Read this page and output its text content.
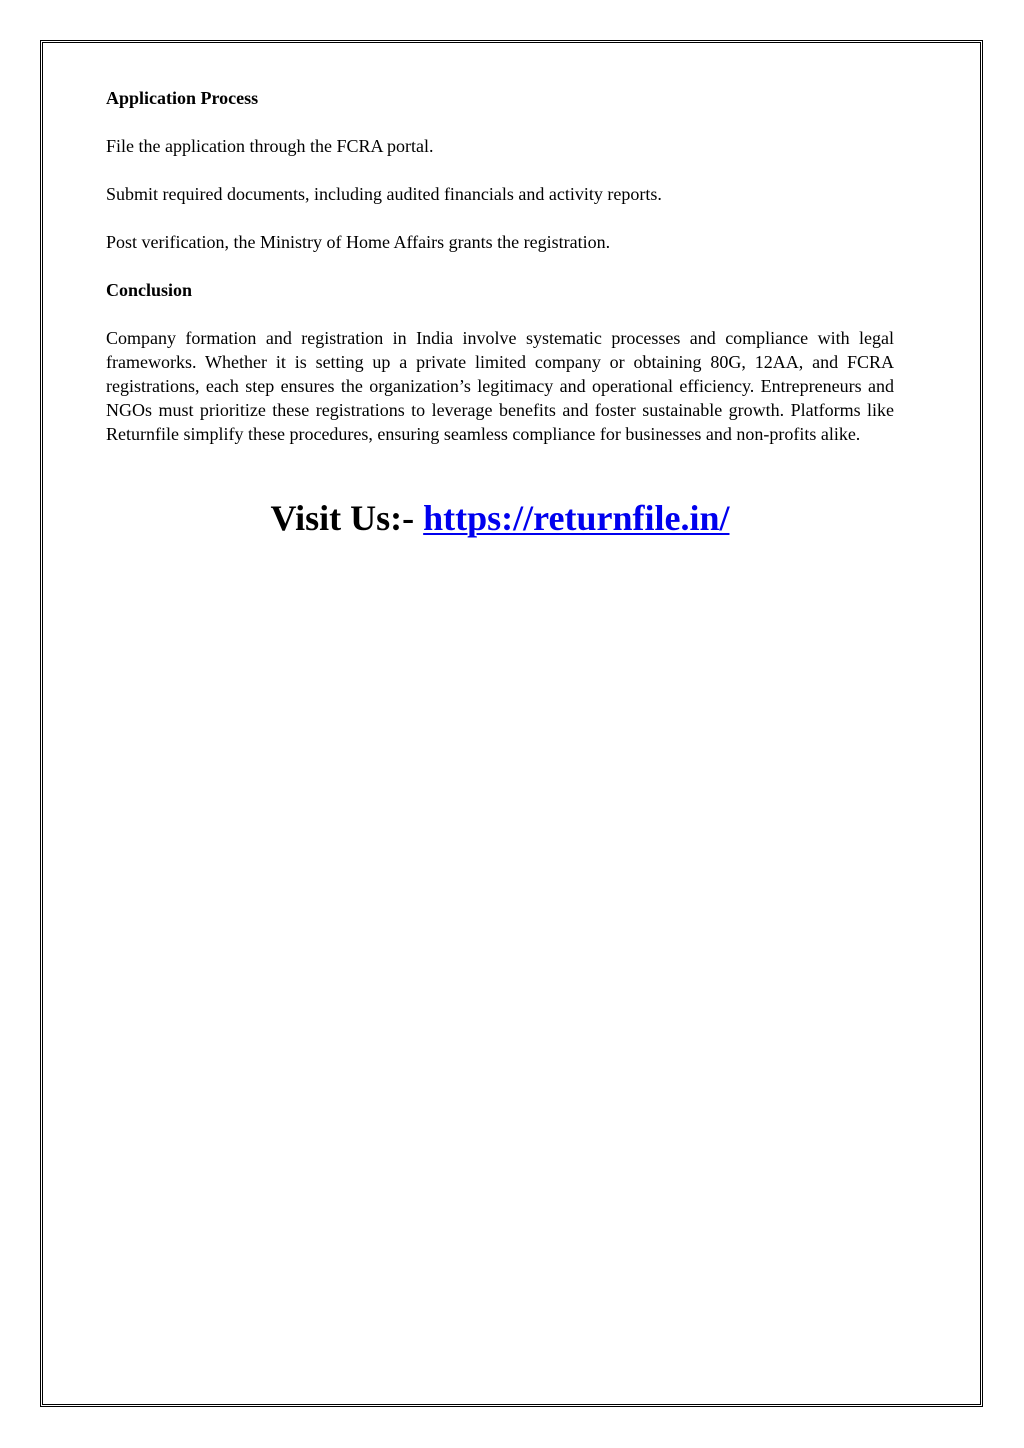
Application Process

File the application through the FCRA portal.

Submit required documents, including audited financials and activity reports.

Post verification, the Ministry of Home Affairs grants the registration.

Conclusion

Company formation and registration in India involve systematic processes and compliance with legal frameworks. Whether it is setting up a private limited company or obtaining 80G, 12AA, and FCRA registrations, each step ensures the organization’s legitimacy and operational efficiency. Entrepreneurs and NGOs must prioritize these registrations to leverage benefits and foster sustainable growth. Platforms like Returnfile simplify these procedures, ensuring seamless compliance for businesses and non-profits alike.

Visit Us:- https://returnfile.in/
